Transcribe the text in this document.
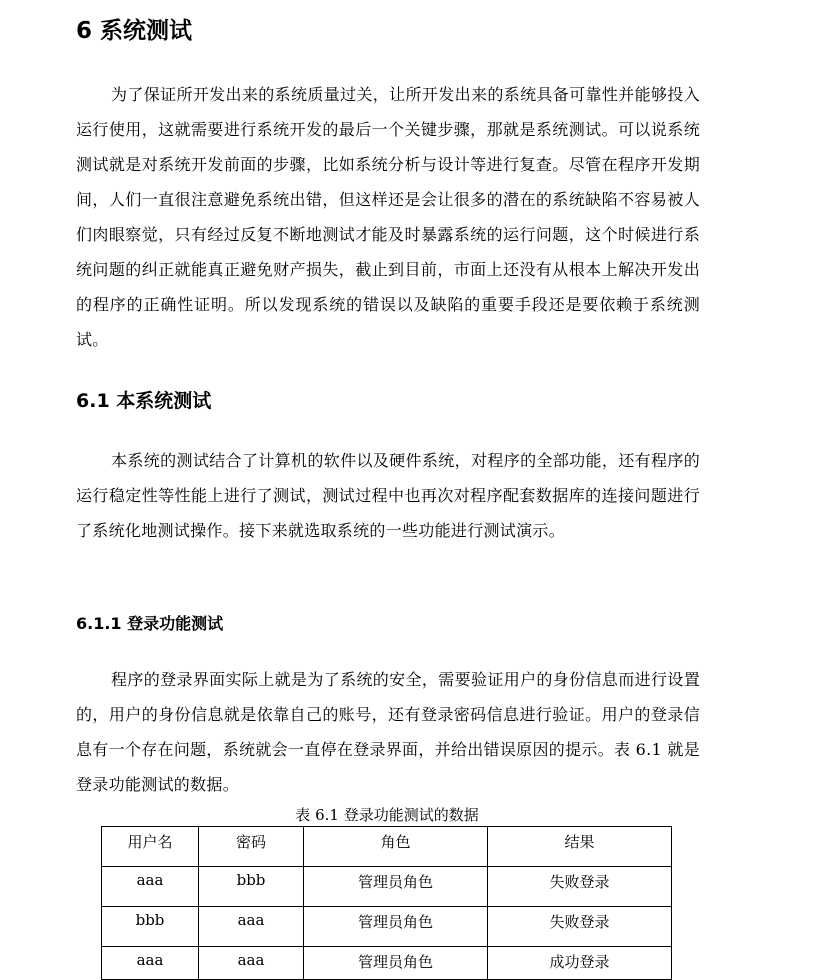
6 系统测试

为了保证所开发出来的系统质量过关，让所开发出来的系统具备可靠性并能够投入运行使用，这就需要进行系统开发的最后一个关键步骤，那就是系统测试。可以说系统测试就是对系统开发前面的步骤，比如系统分析与设计等进行复查。尽管在程序开发期间，人们一直很注意避免系统出错，但这样还是会让很多的潜在的系统缺陷不容易被人们肉眼察觉，只有经过反复不断地测试才能及时暴露系统的运行问题，这个时候进行系统问题的纠正就能真正避免财产损失，截止到目前，市面上还没有从根本上解决开发出的程序的正确性证明。所以发现系统的错误以及缺陷的重要手段还是要依赖于系统测试。

6.1 本系统测试

本系统的测试结合了计算机的软件以及硬件系统，对程序的全部功能，还有程序的运行稳定性等性能上进行了测试，测试过程中也再次对程序配套数据库的连接问题进行了系统化地测试操作。接下来就选取系统的一些功能进行测试演示。

6.1.1 登录功能测试

程序的登录界面实际上就是为了系统的安全，需要验证用户的身份信息而进行设置的，用户的身份信息就是依靠自己的账号，还有登录密码信息进行验证。用户的登录信息有一个存在问题，系统就会一直停在登录界面，并给出错误原因的提示。表 6.1 就是登录功能测试的数据。

表 6.1 登录功能测试的数据

用户名	密码	角色	结果
aaa	bbb	管理员角色	失败登录
bbb	aaa	管理员角色	失败登录
aaa	aaa	管理员角色	成功登录
